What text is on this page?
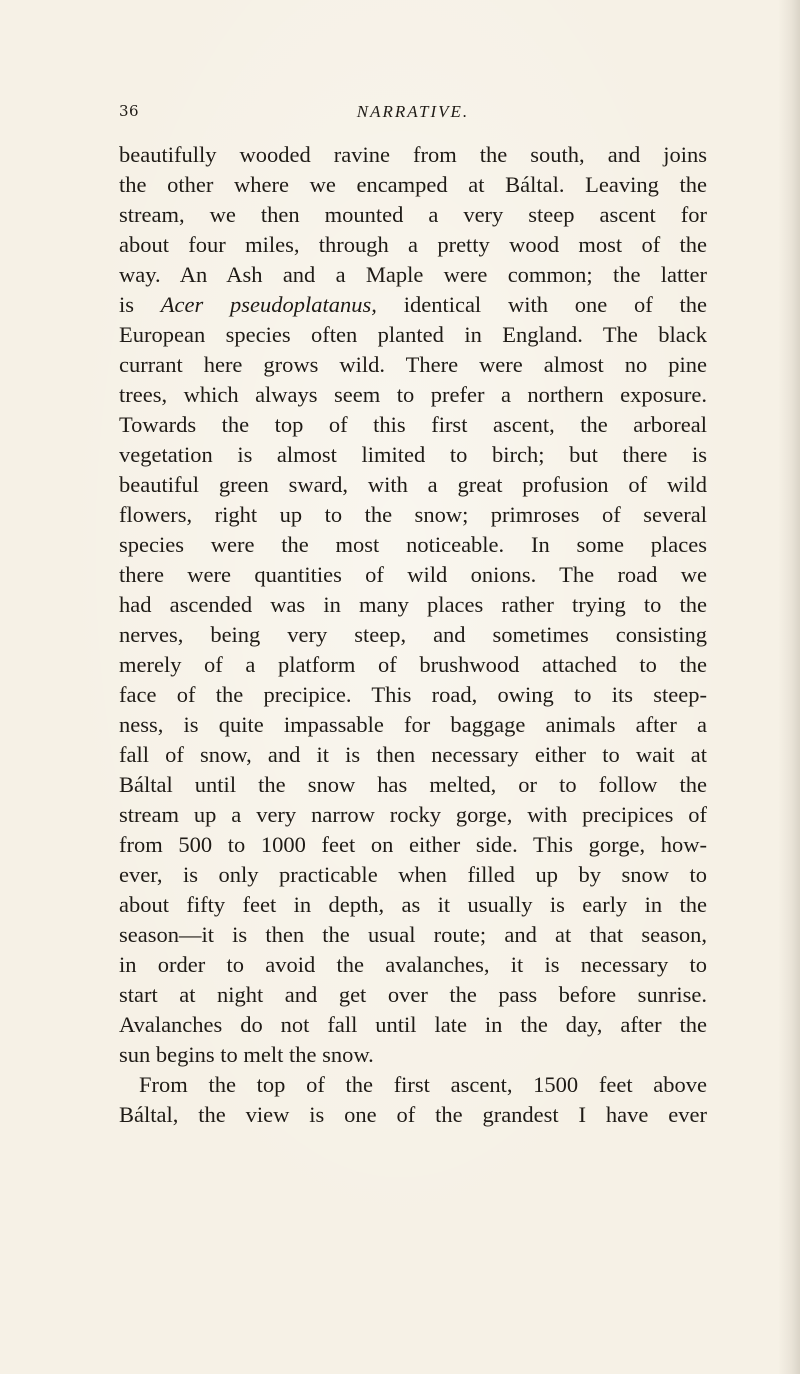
36	NARRATIVE.
beautifully wooded ravine from the south, and joins
the other where we encamped at Báltal. Leaving the
stream, we then mounted a very steep ascent for
about four miles, through a pretty wood most of the
way. An Ash and a Maple were common; the latter
is Acer pseudoplatanus, identical with one of the
European species often planted in England. The black
currant here grows wild. There were almost no pine
trees, which always seem to prefer a northern exposure.
Towards the top of this first ascent, the arboreal
vegetation is almost limited to birch; but there is
beautiful green sward, with a great profusion of wild
flowers, right up to the snow; primroses of several
species were the most noticeable. In some places
there were quantities of wild onions. The road we
had ascended was in many places rather trying to the
nerves, being very steep, and sometimes consisting
merely of a platform of brushwood attached to the
face of the precipice. This road, owing to its steep-
ness, is quite impassable for baggage animals after a
fall of snow, and it is then necessary either to wait at
Báltal until the snow has melted, or to follow the
stream up a very narrow rocky gorge, with precipices of
from 500 to 1000 feet on either side. This gorge, how-
ever, is only practicable when filled up by snow to
about fifty feet in depth, as it usually is early in the
season—it is then the usual route; and at that season,
in order to avoid the avalanches, it is necessary to
start at night and get over the pass before sunrise.
Avalanches do not fall until late in the day, after the
sun begins to melt the snow.
From the top of the first ascent, 1500 feet above
Báltal, the view is one of the grandest I have ever
